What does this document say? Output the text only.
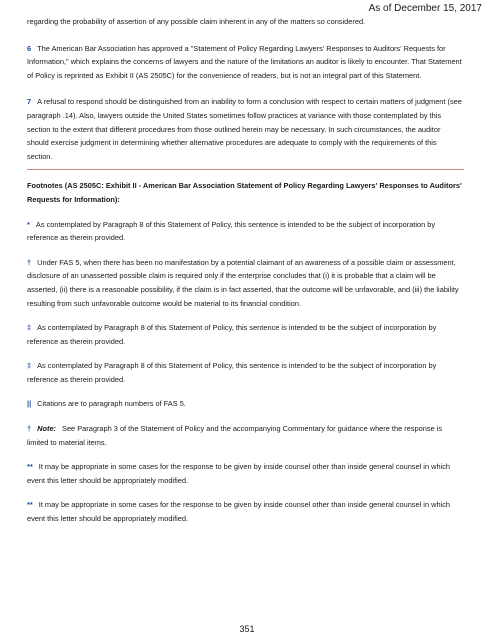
As of December 15, 2017

regarding the probability of assertion of any possible claim inherent in any of the matters so considered.

6 The American Bar Association has approved a "Statement of Policy Regarding Lawyers' Responses to Auditors' Requests for Information," which explains the concerns of lawyers and the nature of the limitations an auditor is likely to encounter. That Statement of Policy is reprinted as Exhibit II (AS 2505C) for the convenience of readers, but is not an integral part of this Statement.

7 A refusal to respond should be distinguished from an inability to form a conclusion with respect to certain matters of judgment (see paragraph .14). Also, lawyers outside the United States sometimes follow practices at variance with those contemplated by this section to the extent that different procedures from those outlined herein may be necessary. In such circumstances, the auditor should exercise judgment in determining whether alternative procedures are adequate to comply with the requirements of this section.

Footnotes (AS 2505C: Exhibit II - American Bar Association Statement of Policy Regarding Lawyers' Responses to Auditors' Requests for Information):

* As contemplated by Paragraph 8 of this Statement of Policy, this sentence is intended to be the subject of incorporation by reference as therein provided.

† Under FAS 5, when there has been no manifestation by a potential claimant of an awareness of a possible claim or assessment, disclosure of an unasserted possible claim is required only if the enterprise concludes that (i) it is probable that a claim will be asserted, (ii) there is a reasonable possibility, if the claim is in fact asserted, that the outcome will be unfavorable, and (iii) the liability resulting from such unfavorable outcome would be material to its financial condition.

‡ As contemplated by Paragraph 8 of this Statement of Policy, this sentence is intended to be the subject of incorporation by reference as therein provided.

‡ As contemplated by Paragraph 8 of this Statement of Policy, this sentence is intended to be the subject of incorporation by reference as therein provided.

|| Citations are to paragraph numbers of FAS 5.

† Note: See Paragraph 3 of the Statement of Policy and the accompanying Commentary for guidance where the response is limited to material items.

** It may be appropriate in some cases for the response to be given by inside counsel other than inside general counsel in which event this letter should be appropriately modified.

** It may be appropriate in some cases for the response to be given by inside counsel other than inside general counsel in which event this letter should be appropriately modified.

351
